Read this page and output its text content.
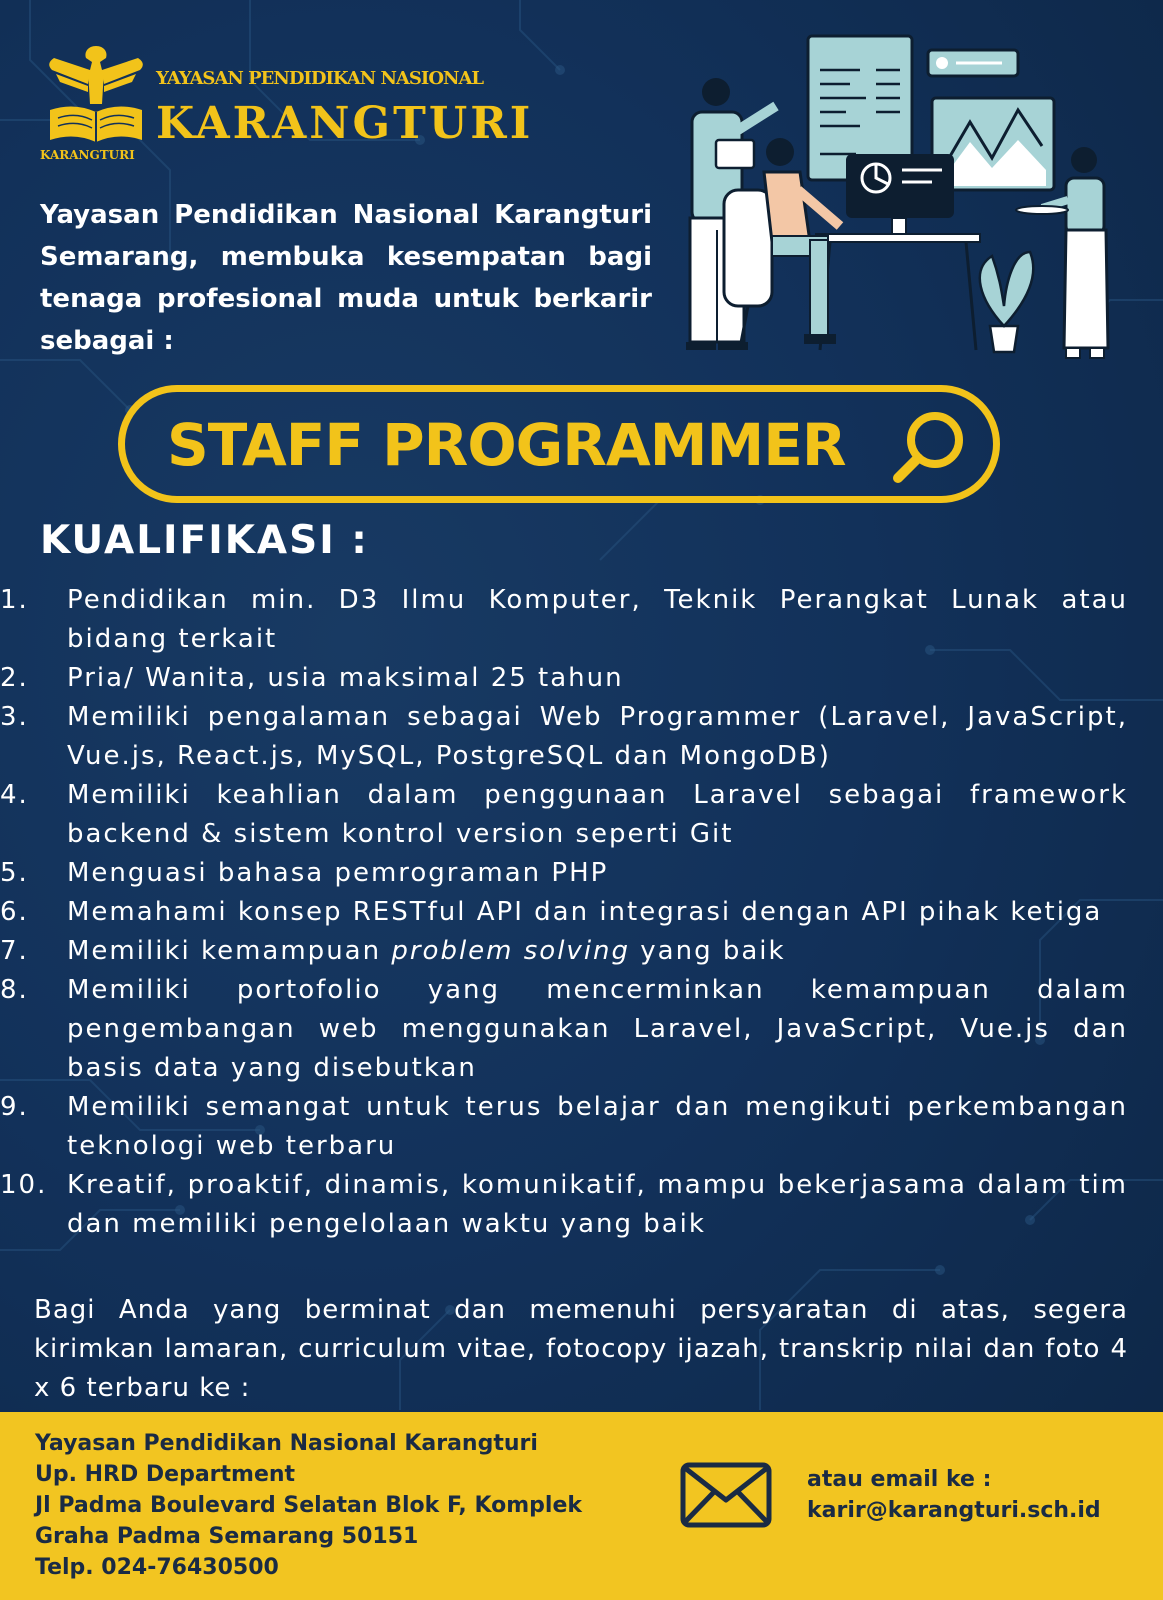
KARANGTURI
YAYASAN PENDIDIKAN NASIONAL
KARANGTURI

Yayasan Pendidikan Nasional Karangturi Semarang, membuka kesempatan bagi tenaga profesional muda untuk berkarir sebagai :

STAFF PROGRAMMER
KUALIFIKASI :
1.	Pendidikan min. D3 Ilmu Komputer, Teknik Perangkat Lunak atau bidang terkait
2.	Pria/ Wanita, usia maksimal 25 tahun
3.	Memiliki pengalaman sebagai Web Programmer (Laravel, JavaScript, Vue.js, React.js, MySQL, PostgreSQL dan MongoDB)
4.	Memiliki keahlian dalam penggunaan Laravel sebagai framework backend & sistem kontrol version seperti Git
5.	Menguasi bahasa pemrograman PHP
6.	Memahami konsep RESTful API dan integrasi dengan API pihak ketiga
7.	Memiliki kemampuan problem solving yang baik
8.	Memiliki portofolio yang mencerminkan kemampuan dalam pengembangan web menggunakan Laravel, JavaScript, Vue.js dan basis data yang disebutkan
9.	Memiliki semangat untuk terus belajar dan mengikuti perkembangan teknologi web terbaru
10. Kreatif, proaktif, dinamis, komunikatif, mampu bekerjasama dalam tim dan memiliki pengelolaan waktu yang baik

Bagi Anda yang berminat dan memenuhi persyaratan di atas, segera kirimkan lamaran, curriculum vitae, fotocopy ijazah, transkrip nilai dan foto 4 x 6 terbaru ke :

Yayasan Pendidikan Nasional Karangturi
Up. HRD Department
Jl Padma Boulevard Selatan Blok F, Komplek
Graha Padma Semarang 50151
Telp. 024-76430500
atau email ke :
karir@karangturi.sch.id
